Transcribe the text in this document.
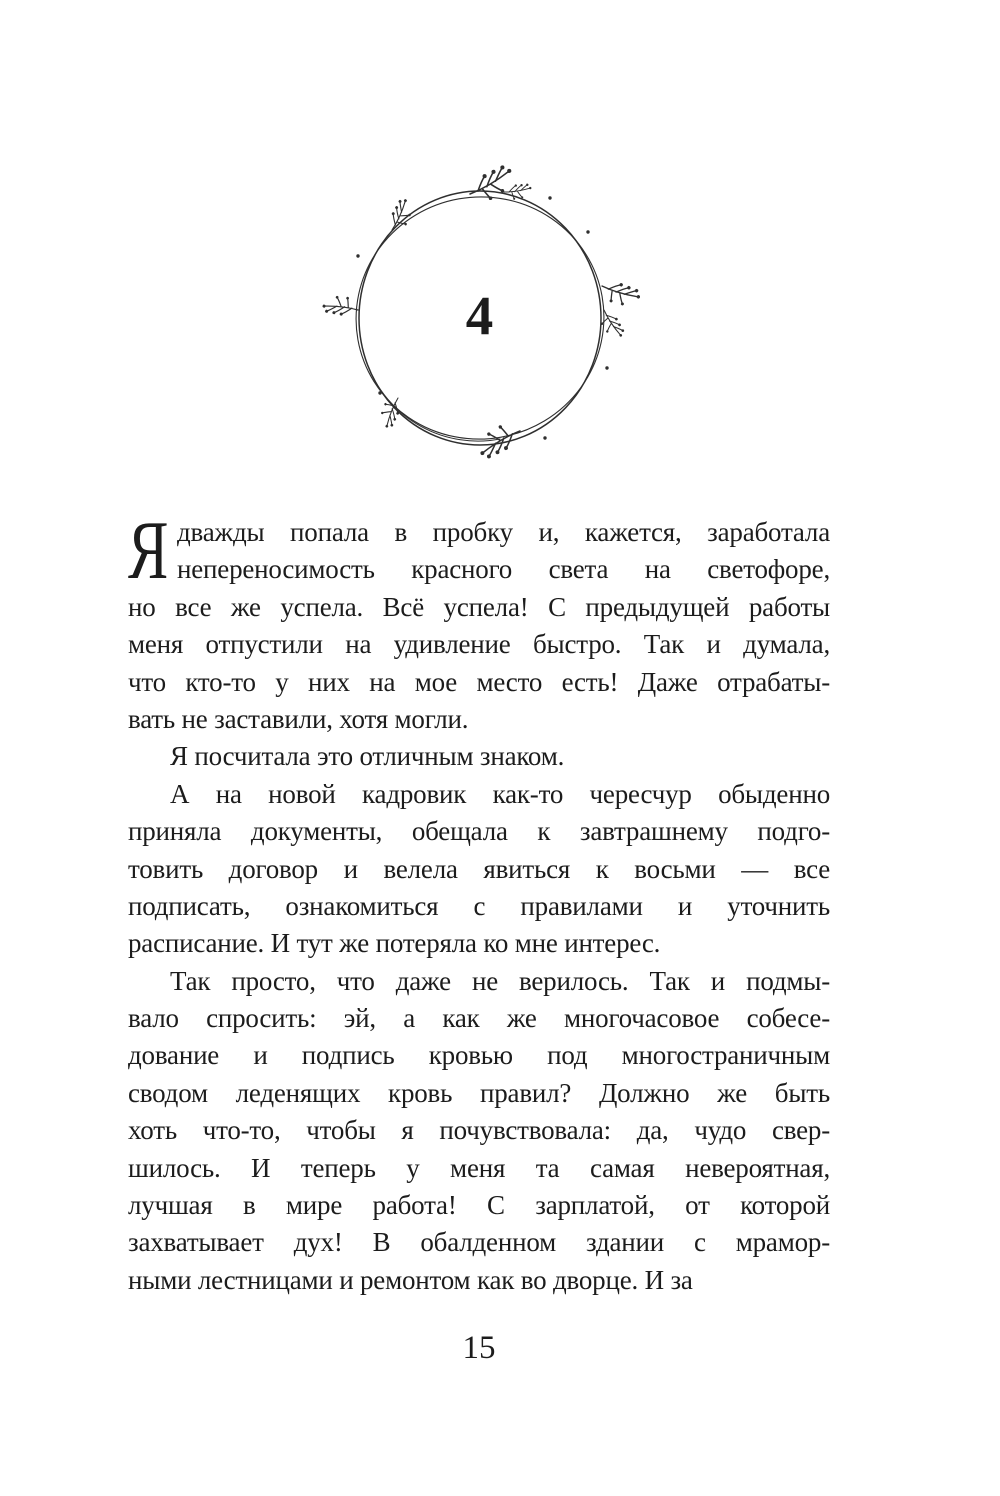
4
Я дважды попала в пробку и, кажется, заработала
непереносимость красного света на светофоре,
но все же успела. Всё успела! С предыдущей работы
меня отпустили на удивление быстро. Так и думала,
что кто-то у них на мое место есть! Даже отрабаты-
вать не заставили, хотя могли.
Я посчитала это отличным знаком.
А на новой кадровик как-то чересчур обыденно
приняла документы, обещала к завтрашнему подго-
товить договор и велела явиться к восьми — все
подписать, ознакомиться с правилами и уточнить
расписание. И тут же потеряла ко мне интерес.
Так просто, что даже не верилось. Так и подмы-
вало спросить: эй, а как же многочасовое собесе-
дование и подпись кровью под многостраничным
сводом леденящих кровь правил? Должно же быть
хоть что-то, чтобы я почувствовала: да, чудо свер-
шилось. И теперь у меня та самая невероятная,
лучшая в мире работа! С зарплатой, от которой
захватывает дух! В обалденном здании с мрамор-
ными лестницами и ремонтом как во дворце. И за
15
